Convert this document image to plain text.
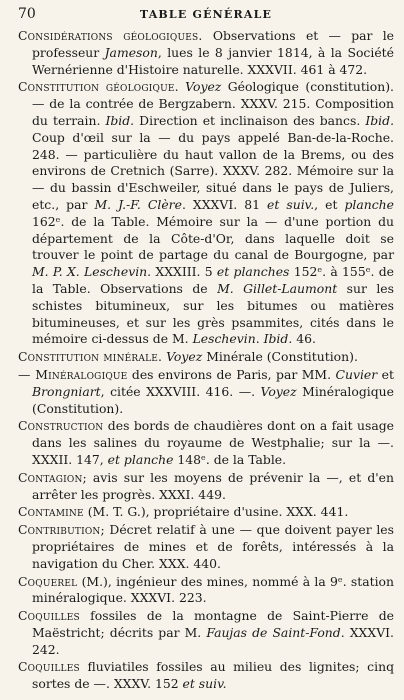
70	TABLE GÉNÉRALE

Considérations géologiques. Observations et — par le professeur Jameson, lues le 8 janvier 1814, à la Société Wernérienne d'Histoire naturelle. XXXVII. 461 à 472.

Constitution géologique. Voyez Géologique (constitution). — de la contrée de Bergzabern. XXXV. 215. Composition du terrain. Ibid. Direction et inclinaison des bancs. Ibid. Coup d'œil sur la — du pays appelé Ban-de-la-Roche. 248. — particulière du haut vallon de la Brems, ou des environs de Cretnich (Sarre). XXXV. 282. Mémoire sur la — du bassin d'Eschweiler, situé dans le pays de Juliers, etc., par M. J.-F. Clère. XXXVI. 81 et suiv., et planche 162ᵉ. de la Table. Mémoire sur la — d'une portion du département de la Côte-d'Or, dans laquelle doit se trouver le point de partage du canal de Bourgogne, par M. P. X. Leschevin. XXXIII. 5 et planches 152ᵉ. à 155ᵉ. de la Table. Observations de M. Gillet-Laumont sur les schistes bitumineux, sur les bitumes ou matières bitumineuses, et sur les grès psammites, cités dans le mémoire ci-dessus de M. Leschevin. Ibid. 46.

Constitution minérale. Voyez Minérale (Constitution).

— Minéralogique des environs de Paris, par MM. Cuvier et Brongniart, citée XXXVIII. 416. —. Voyez Minéralogique (Constitution).

Construction des bords de chaudières dont on a fait usage dans les salines du royaume de Westphalie; sur la —. XXXII. 147, et planche 148ᵉ. de la Table.

Contagion; avis sur les moyens de prévenir la —, et d'en arrêter les progrès. XXXI. 449.

Contamine (M. T. G.), propriétaire d'usine. XXX. 441.

Contribution; Décret relatif à une — que doivent payer les propriétaires de mines et de forêts, intéressés à la navigation du Cher. XXX. 440.

Coquerel (M.), ingénieur des mines, nommé à la 9ᵉ. station minéralogique. XXXVI. 223.

Coquilles fossiles de la montagne de Saint-Pierre de Maëstricht; décrits par M. Faujas de Saint-Fond. XXXVI. 242.

Coquilles fluviatiles fossiles au milieu des lignites; cinq sortes de —. XXXV. 152 et suiv.
